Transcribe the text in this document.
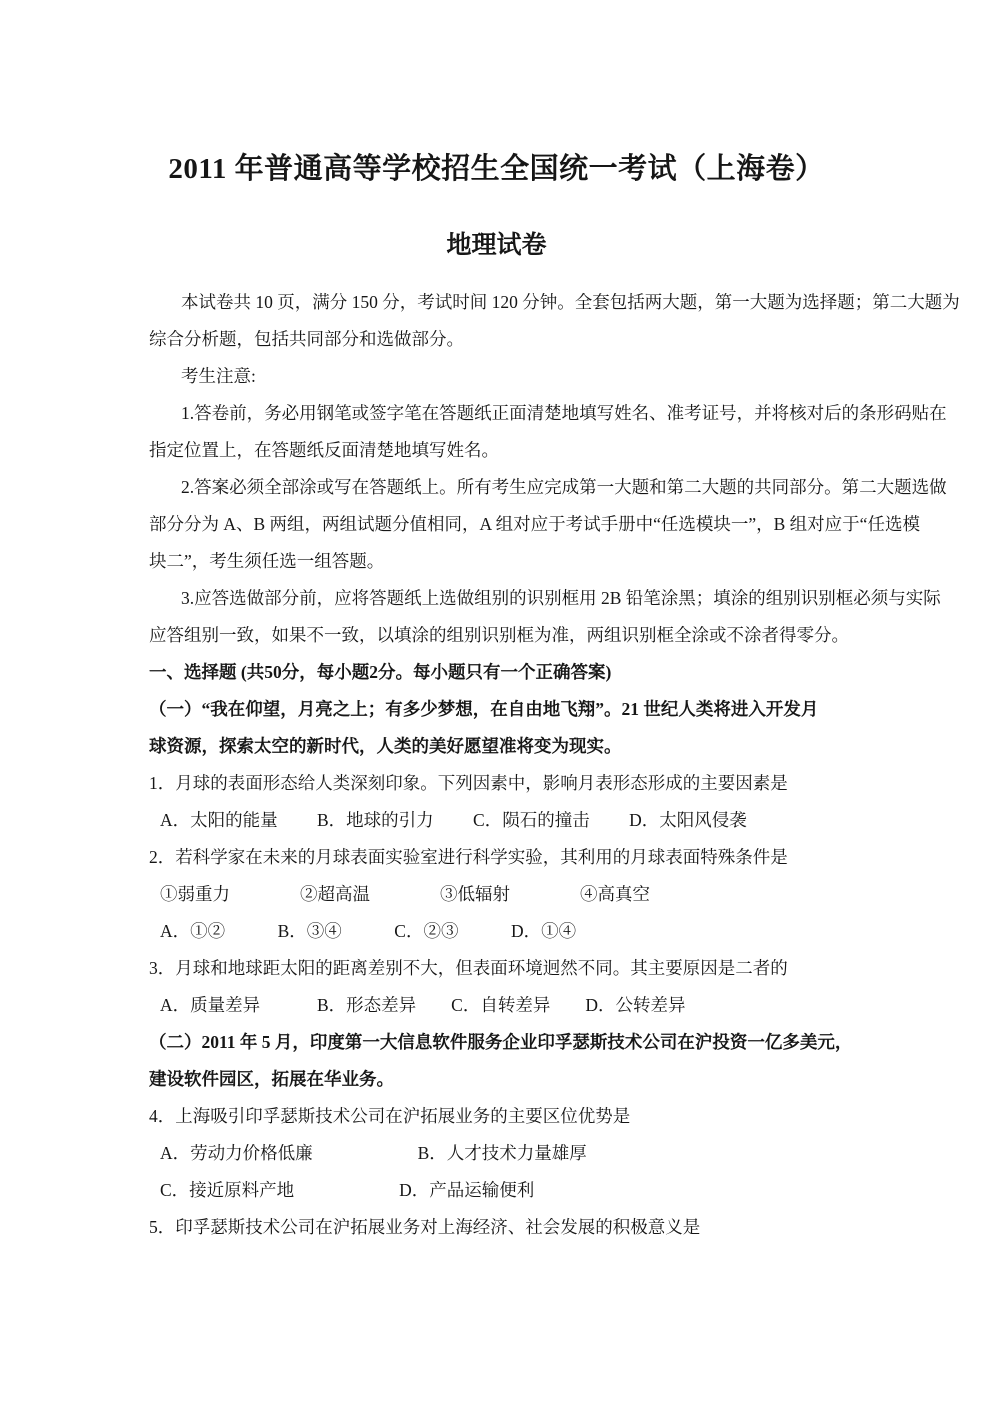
2011 年普通高等学校招生全国统一考试（上海卷）
地理试卷
本试卷共 10 页，满分 150 分，考试时间 120 分钟。全套包括两大题，第一大题为选择题；第二大题为
综合分析题，包括共同部分和选做部分。
考生注意:
1.答卷前，务必用钢笔或签字笔在答题纸正面清楚地填写姓名、准考证号，并将核对后的条形码贴在
指定位置上，在答题纸反面清楚地填写姓名。
2.答案必须全部涂或写在答题纸上。所有考生应完成第一大题和第二大题的共同部分。第二大题选做
部分分为 A、B 两组，两组试题分值相同，A 组对应于考试手册中“任选模块一”，B 组对应于“任选模
块二”，考生须任选一组答题。
3.应答选做部分前，应将答题纸上选做组别的识别框用 2B 铅笔涂黑；填涂的组别识别框必须与实际
应答组别一致，如果不一致，以填涂的组别识别框为准，两组识别框全涂或不涂者得零分。
一、选择题 (共50分，每小题2分。每小题只有一个正确答案)
（一）“我在仰望，月亮之上；有多少梦想，在自由地飞翔”。21 世纪人类将进入开发月
球资源，探索太空的新时代，人类的美好愿望准将变为现实。
1．月球的表面形态给人类深刻印象。下列因素中，影响月表形态形成的主要因素是
A．太阳的能量　　 B．地球的引力　　 C．陨石的撞击　　 D．太阳风侵袭
2．若科学家在未来的月球表面实验室进行科学实验，其利用的月球表面特殊条件是
①弱重力　　　　②超高温　　　　③低辐射　　　　④高真空
A．①②　　　B．③④　　　C．②③　　　D．①④
3．月球和地球距太阳的距离差别不大，但表面环境迥然不同。其主要原因是二者的
A．质量差异　　　 B．形态差异　　C．自转差异　　D．公转差异
（二）2011 年 5 月，印度第一大信息软件服务企业印孚瑟斯技术公司在沪投资一亿多美元，
建设软件园区，拓展在华业务。
4．上海吸引印孚瑟斯技术公司在沪拓展业务的主要区位优势是
A．劳动力价格低廉　　　　　　B．人才技术力量雄厚
C．接近原料产地　　　　　　D．产品运输便利
5．印孚瑟斯技术公司在沪拓展业务对上海经济、社会发展的积极意义是
